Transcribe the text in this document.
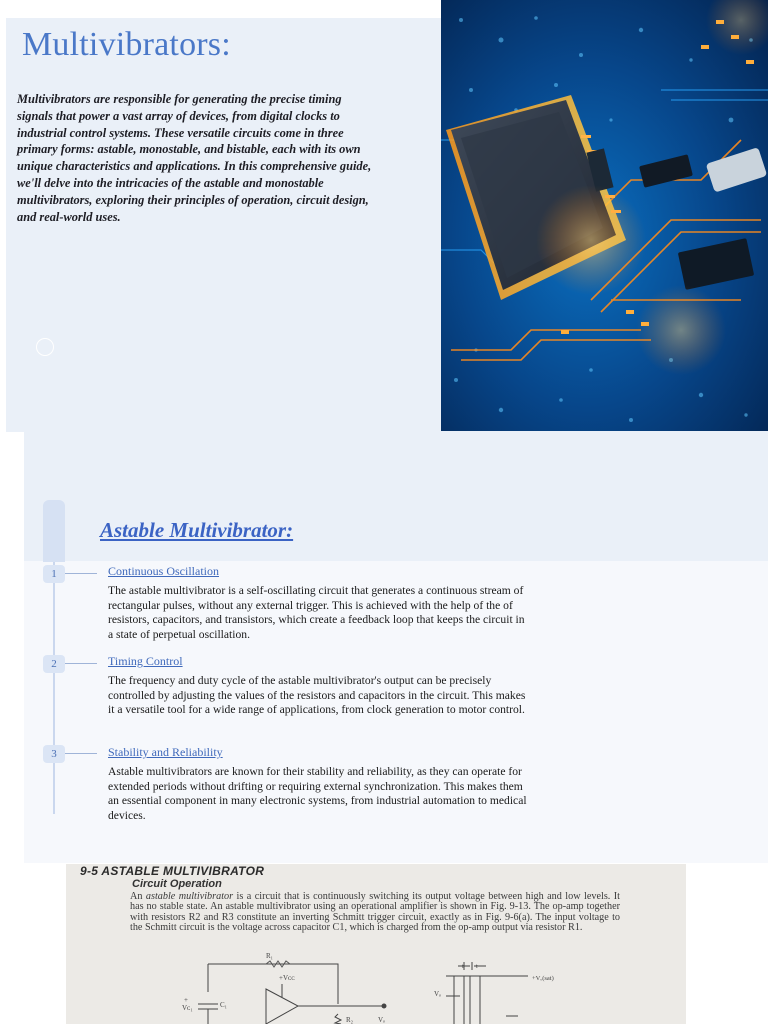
Multivibrators:

Multivibrators are responsible for generating the precise timing signals that power a vast array of devices, from digital clocks to industrial control systems. These versatile circuits come in three primary forms: astable, monostable, and bistable, each with its own unique characteristics and applications. In this comprehensive guide, we'll delve into the intricacies of the astable and monostable multivibrators, exploring their principles of operation, circuit design, and real-world uses.

Astable Multivibrator:
1	Continuous Oscillation

The astable multivibrator is a self-oscillating circuit that generates a continuous stream of rectangular pulses, without any external trigger. This is achieved with the help of the of resistors, capacitors, and transistors, which create a feedback loop that keeps the circuit in a state of perpetual oscillation.

2	Timing Control

The frequency and duty cycle of the astable multivibrator's output can be precisely controlled by adjusting the values of the resistors and capacitors in the circuit. This makes it a versatile tool for a wide range of applications, from clock generation to motor control.

3	Stability and Reliability

Astable multivibrators are known for their stability and reliability, as they can operate for extended periods without drifting or requiring external synchronization. This makes them an essential component in many electronic systems, from industrial automation to medical devices.

9-5 ASTABLE MULTIVIBRATOR
Circuit Operation

An astable multivibrator is a circuit that is continuously switching its output voltage between high and low levels. It has no stable state. An astable multivibrator using an operational amplifier is shown in Fig. 9-13. The op-amp together with resistors R2 and R3 constitute an inverting Schmitt trigger circuit, exactly as in Fig. 9-6(a). The input voltage to the Schmitt circuit is the voltage across capacitor C1, which is charged from the op-amp output via resistor R1.

R₁
+Vᴄᴄ
+
C₁
Vᴄ₁
R₂	Vₒ
Vₒ
t t
+Vₒ(sat)
